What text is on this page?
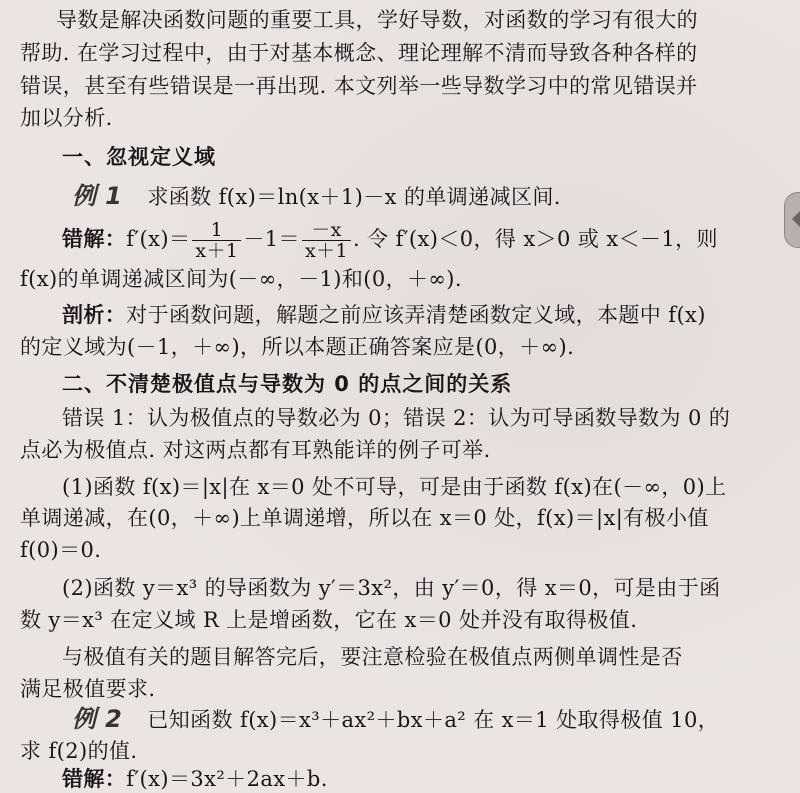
导数是解决函数问题的重要工具，学好导数，对函数的学习有很大的
帮助. 在学习过程中，由于对基本概念、理论理解不清而导致各种各样的
错误，甚至有些错误是一再出现. 本文列举一些导数学习中的常见错误并
加以分析.
一、忽视定义域
例 1 求函数 f(x)＝ln(x＋1)－x 的单调递减区间.
错解：$f'(x)= \frac{1}{x+1} -1= \frac{-x}{x+1}$ . 令 f′(x)＜0，得 x＞0 或 x＜－1，则
f(x)的单调递减区间为(－∞，－1)和(0，＋∞).
剖析：对于函数问题，解题之前应该弄清楚函数定义域，本题中 f(x)
的定义域为(－1，＋∞)，所以本题正确答案应是(0，＋∞).
二、不清楚极值点与导数为 0 的点之间的关系
错误 1：认为极值点的导数必为 0；错误 2：认为可导函数导数为 0 的
点必为极值点. 对这两点都有耳熟能详的例子可举.
(1)函数 f(x)＝|x|在 x＝0 处不可导，可是由于函数 f(x)在(－∞，0)上
单调递减，在(0，＋∞)上单调递增，所以在 x＝0 处，f(x)＝|x|有极小值
f(0)＝0.
(2)函数 y＝x³ 的导函数为 y′＝3x²，由 y′＝0，得 x＝0，可是由于函
数 y＝x³ 在定义域 R 上是增函数，它在 x＝0 处并没有取得极值.
与极值有关的题目解答完后，要注意检验在极值点两侧单调性是否
满足极值要求.
例 2 已知函数 f(x)＝x³＋ax²＋bx＋a² 在 x＝1 处取得极值 10，
求 f(2)的值.
错解：f′(x)＝3x²＋2ax＋b.
